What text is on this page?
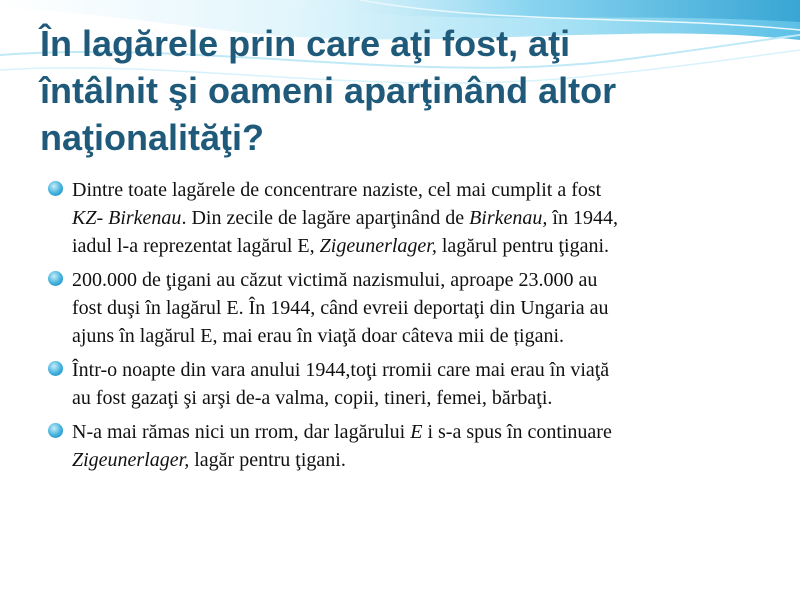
În lagărele prin care aţi fost, aţi
întâlnit şi oameni aparţinând altor
naţionalităţi?
Dintre toate lagărele de concentrare naziste, cel mai cumplit a fost
KZ- Birkenau. Din zecile de lagăre aparţinând de Birkenau, în 1944,
iadul l-a reprezentat lagărul E, Zigeunerlager, lagărul pentru ţigani.
200.000 de ţigani au căzut victimă nazismului, aproape 23.000 au
fost duşi în lagărul E. În 1944, când evreii deportaţi din Ungaria au
ajuns în lagărul E, mai erau în viaţă doar câteva mii de țigani.
Într-o noapte din vara anului 1944,toţi rromii care mai erau în viaţă
au fost gazaţi şi arşi de-a valma, copii, tineri, femei, bărbaţi.
N-a mai rămas nici un rrom, dar lagărului E i s-a spus în continuare
Zigeunerlager, lagăr pentru ţigani.
